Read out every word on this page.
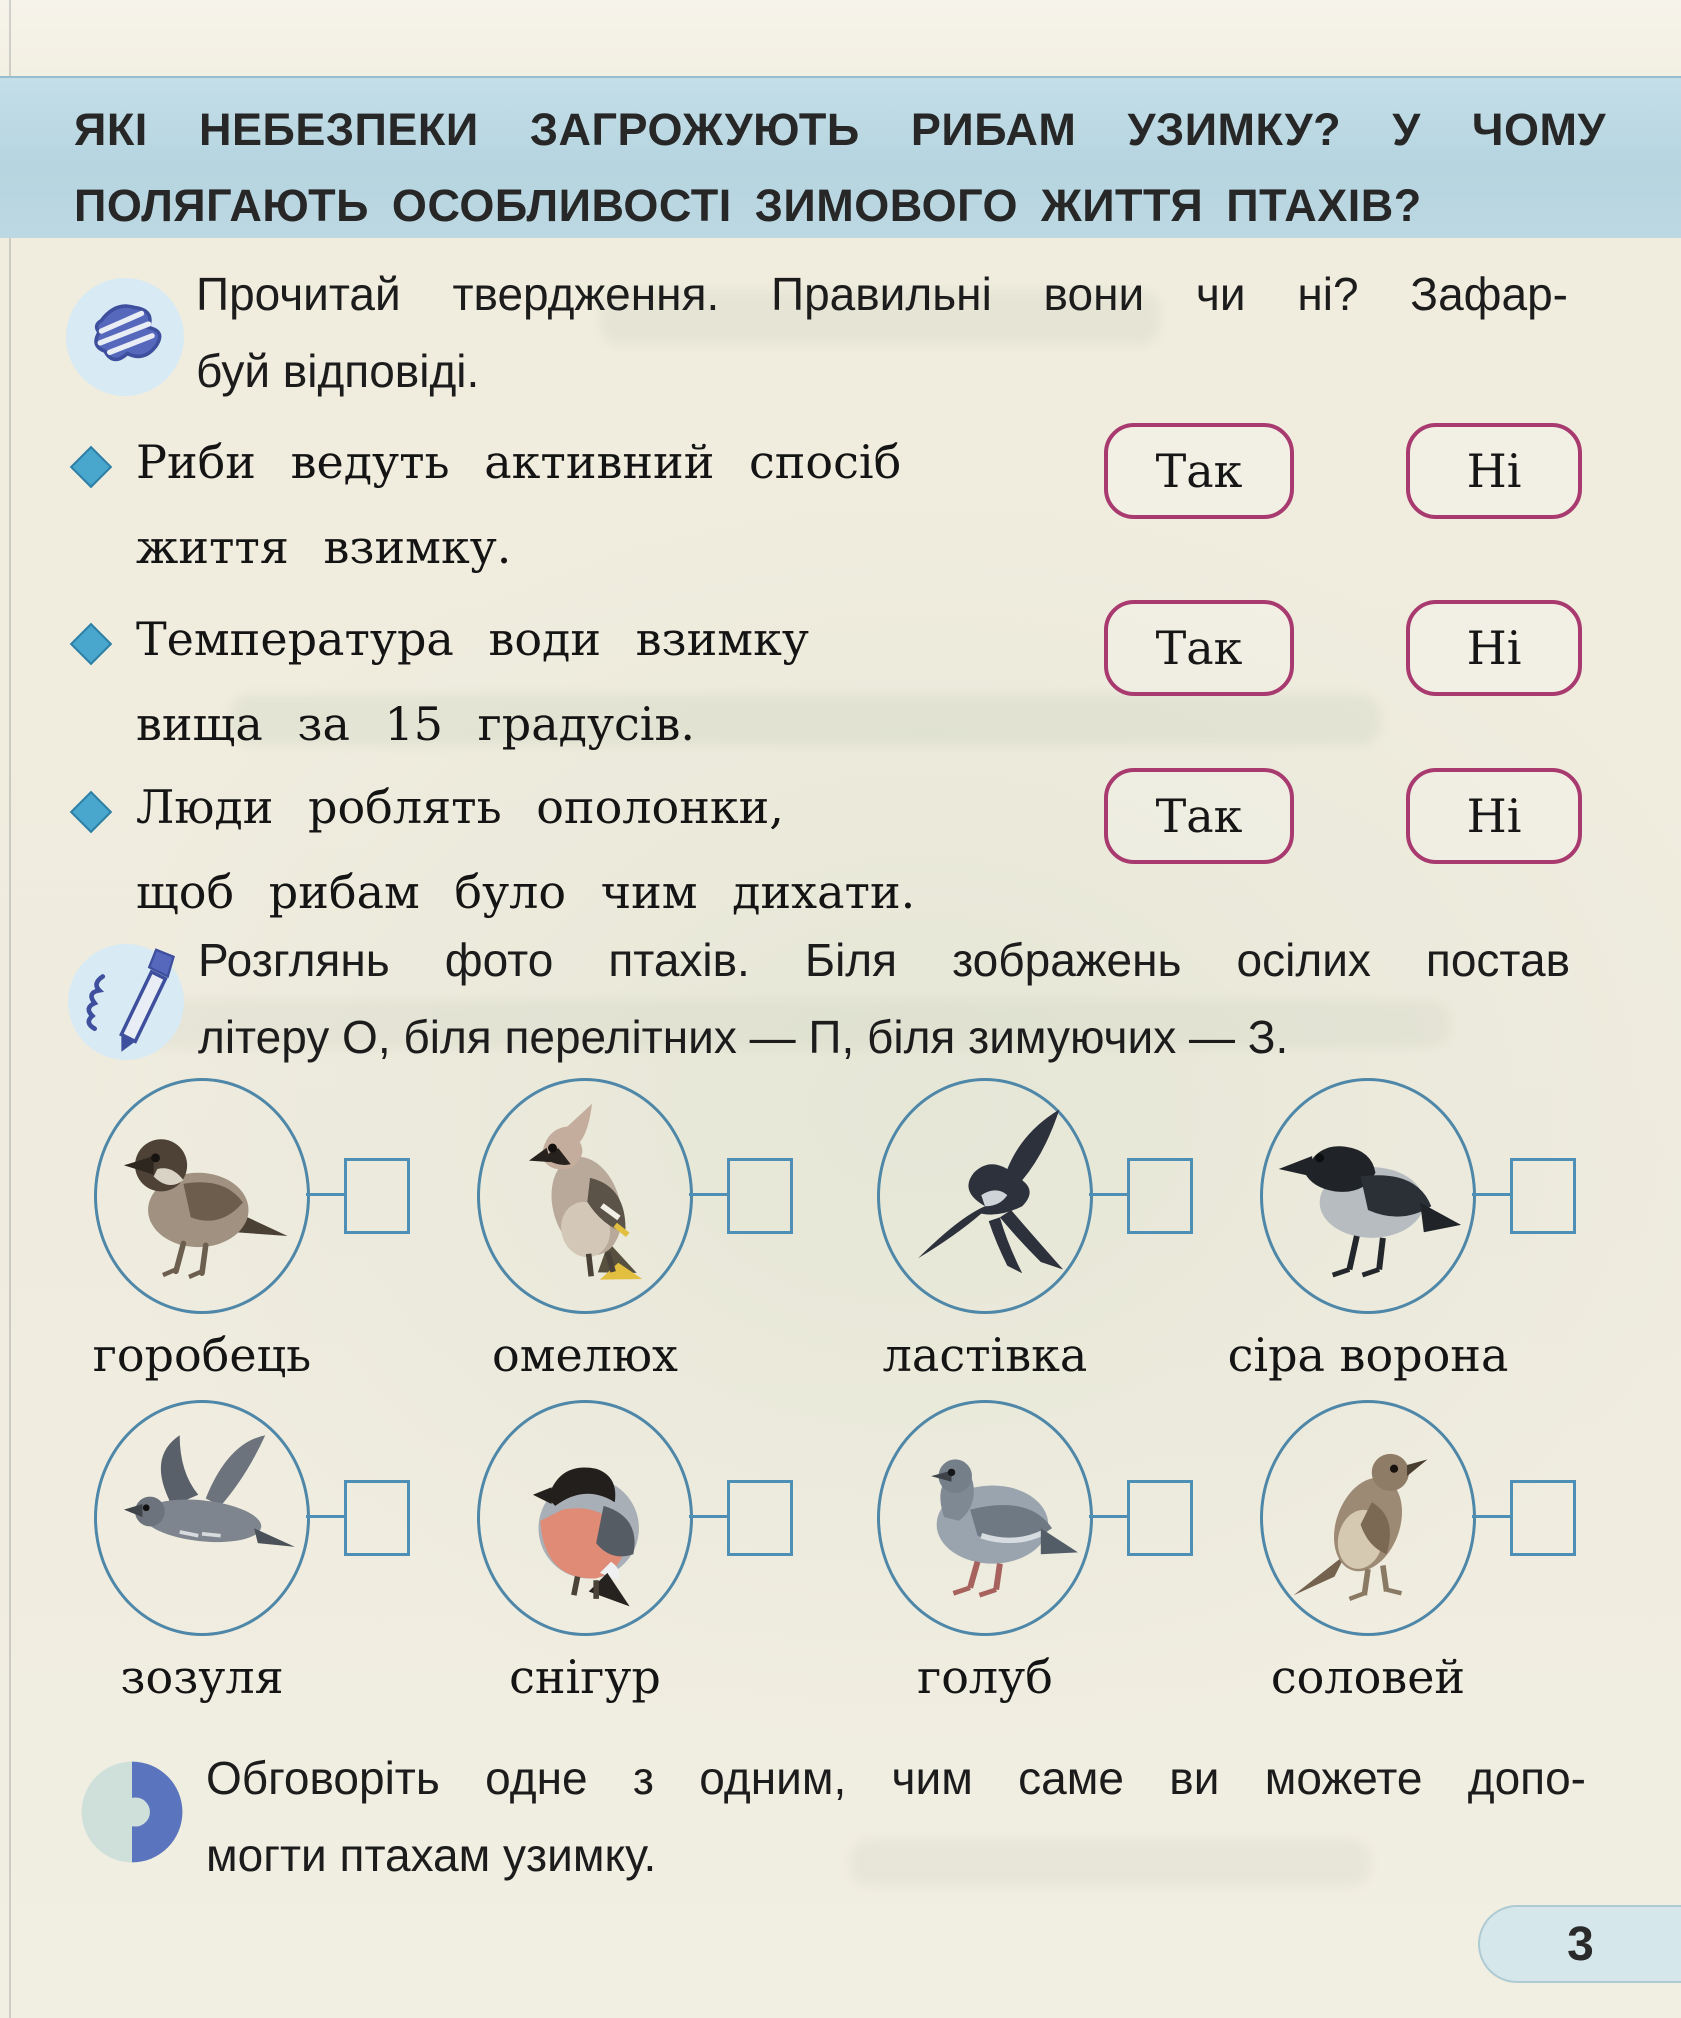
ЯКІ НЕБЕЗПЕКИ ЗАГРОЖУЮТЬ РИБАМ УЗИМКУ? У ЧОМУ
ПОЛЯГАЮТЬ ОСОБЛИВОСТІ ЗИМОВОГО ЖИТТЯ ПТАХІВ?
Прочитай твердження. Правильні вони чи ні? Зафар-
буй відповіді.
Риби ведуть активний спосіб
життя взимку.
Так	Ні
Температура води взимку
вища за 15 градусів.
Так	Ні
Люди роблять ополонки,
щоб рибам було чим дихати.
Так	Ні
Розглянь фото птахів. Біля зображень осілих постав
літеру О, біля перелітних — П, біля зимуючих — З.
горобець	омелюх	ластівка	сіра ворона
зозуля	снігур	голуб	соловей
Обговоріть одне з одним, чим саме ви можете допо-
могти птахам узимку.
3
